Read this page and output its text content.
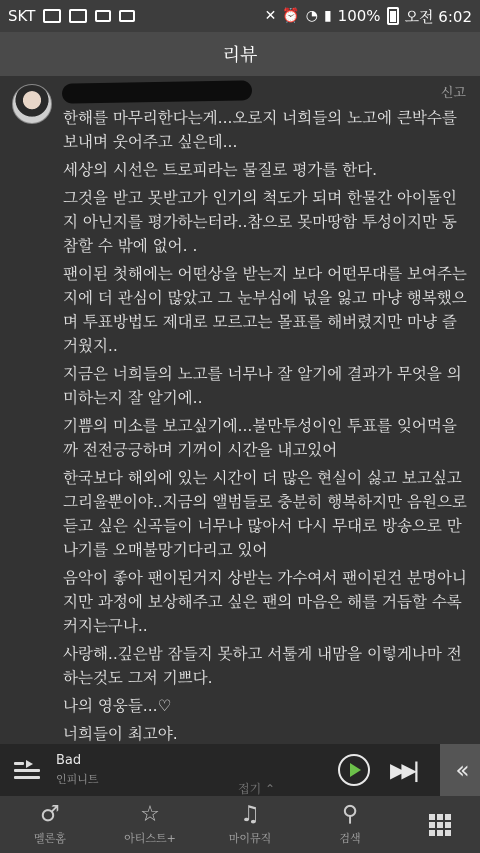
SKT	✕ ⏰ ◔ ▮ 100% 오전 6:02
리뷰
신고

한해를 마무리한다는게...오로지 너희들의 노고에 큰박수를 보내며 웃어주고 싶은데...

세상의 시선은 트로피라는 물질로 평가를 한다.

그것을 받고 못받고가 인기의 척도가 되며 한물간 아이돌인지 아닌지를 평가하는터라..참으로 못마땅함 투성이지만 동참할 수 밖에 없어. .

팬이된 첫해에는 어떤상을 받는지 보다 어떤무대를 보여주는지에 더 관심이 많았고 그 눈부심에 넋을 잃고 마냥 행복했으며 투표방법도 제대로 모르고는 몰표를 해버렸지만 마냥 즐거웠지..

지금은 너희들의 노고를 너무나 잘 알기에 결과가 무엇을 의미하는지 잘 알기에..

기쁨의 미소를 보고싶기에...불만투성이인 투표를 잊어먹을까 전전긍긍하며 기꺼이 시간을 내고있어

한국보다 해외에 있는 시간이 더 많은 현실이 싫고 보고싶고 그리울뿐이야..지금의 앨범들로 충분히 행복하지만 음원으로 듣고 싶은 신곡들이 너무나 많아서 다시 무대로 방송으로 만나기를 오매불망기다리고 있어

음악이 좋아 팬이된거지 상받는 가수여서 팬이된건 분명아니지만 과정에 보상해주고 싶은 팬의 마음은 해를 거듭할 수록 커지는구나..

사랑해..깊은밤 잠들지 못하고 서툴게 내맘을 이렇게나마 전하는것도 그저 기쁘다.

나의 영웅들...♡

너희들이 최고야.

Bad
인피니트	▶▶|	‹‹
접기 ⌃
♂
멜론홈
☆
아티스트+
♫
마이뮤직
⚲
검색
